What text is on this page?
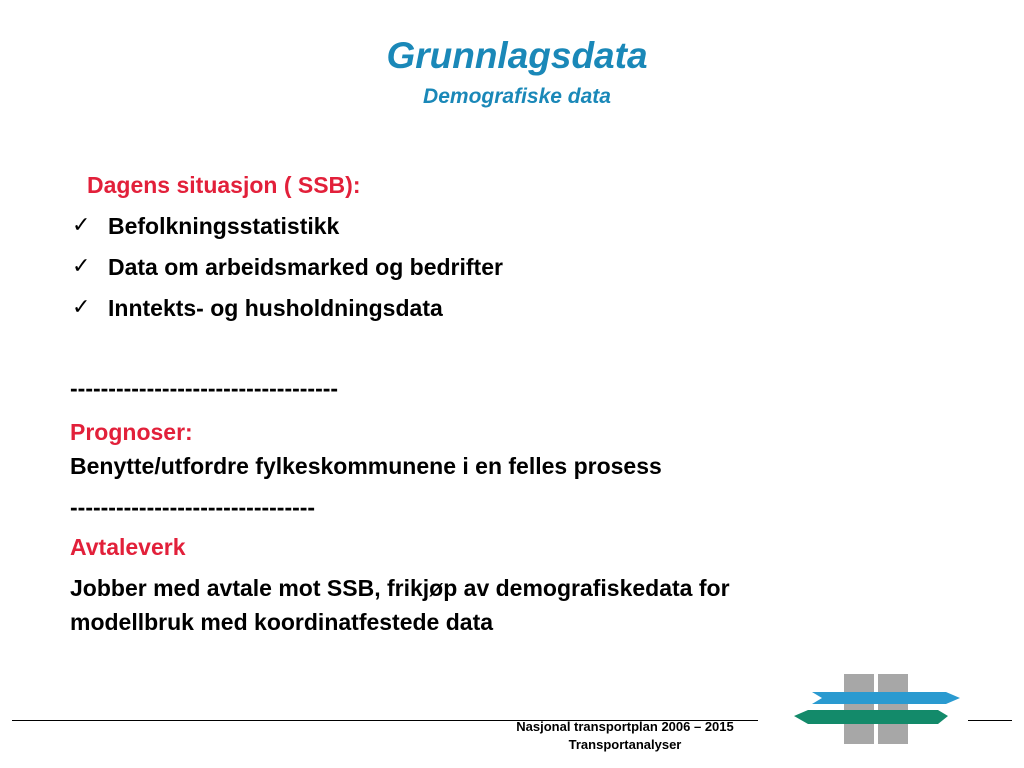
Grunnlagsdata
Demografiske data
Dagens situasjon ( SSB):
✓ Befolkningsstatistikk
✓ Data om arbeidsmarked og bedrifter
✓ Inntekts- og husholdningsdata
-----------------------------------
Prognoser:
Benytte/utfordre fylkeskommunene i en felles prosess
--------------------------------
Avtaleverk
Jobber med avtale mot SSB, frikjøp av demografiskedata for
modellbruk med koordinatfestede data
Nasjonal transportplan 2006 – 2015
Transportanalyser
